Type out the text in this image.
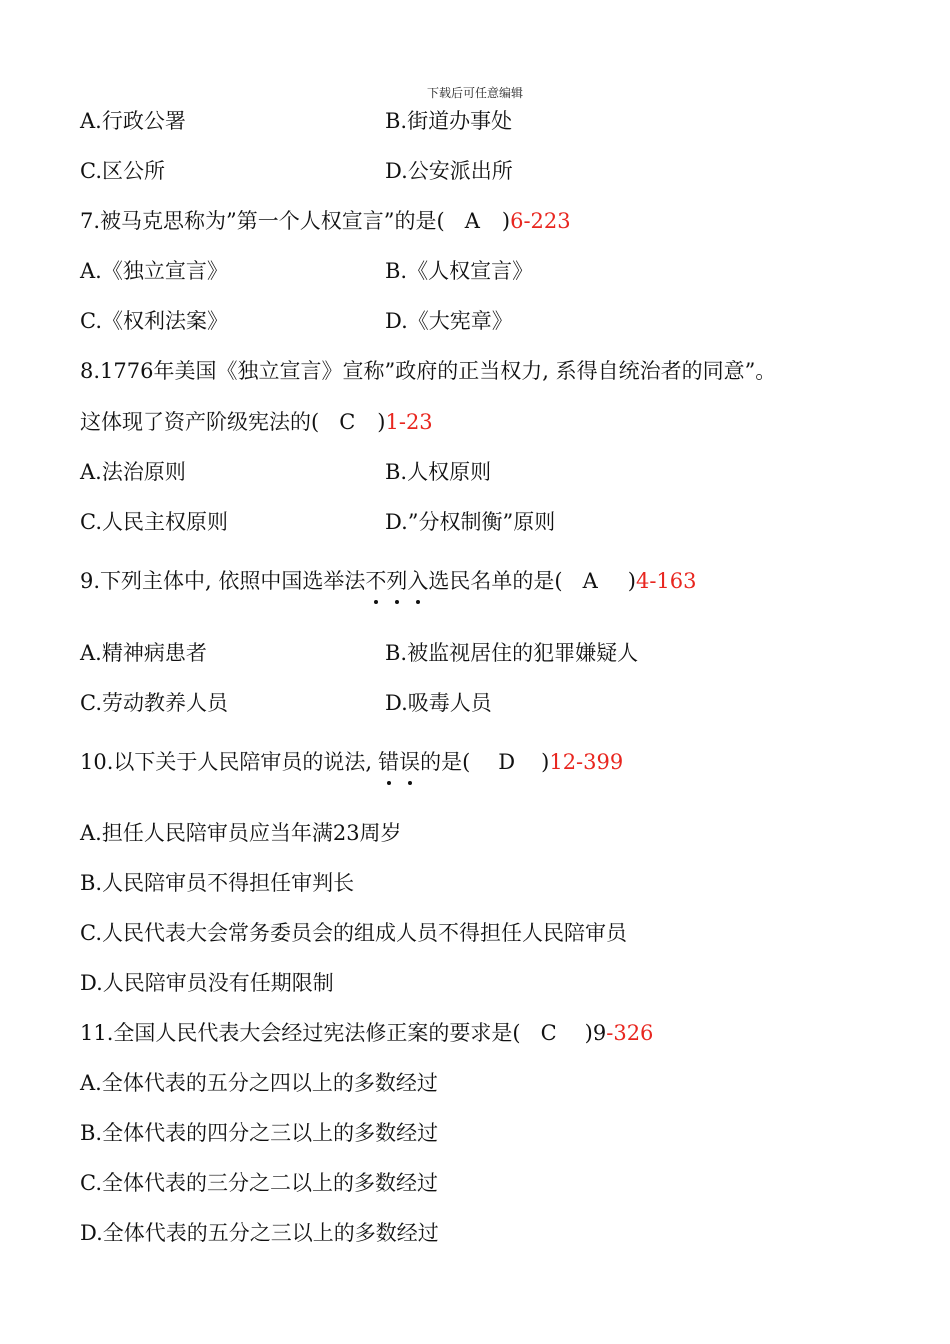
下载后可任意编辑
A.行政公署	B.街道办事处
C.区公所	D.公安派出所
7.被马克思称为”第一个人权宣言”的是( A )6-223
A.《独立宣言》	B.《人权宣言》
C.《权利法案》	D.《大宪章》
8.1776年美国《独立宣言》宣称”政府的正当权力, 系得自统治者的同意”。
这体现了资产阶级宪法的( C )1-23
A.法治原则	B.人权原则
C.人民主权原则	D.”分权制衡”原则
9.下列主体中, 依照中国选举法不列入选民名单的是( A )4-163
A.精神病患者	B.被监视居住的犯罪嫌疑人
C.劳动教养人员	D.吸毒人员
10.以下关于人民陪审员的说法, 错误的是( D )12-399
A.担任人民陪审员应当年满23周岁
B.人民陪审员不得担任审判长
C.人民代表大会常务委员会的组成人员不得担任人民陪审员
D.人民陪审员没有任期限制
11.全国人民代表大会经过宪法修正案的要求是( C )9-326
A.全体代表的五分之四以上的多数经过
B.全体代表的四分之三以上的多数经过
C.全体代表的三分之二以上的多数经过
D.全体代表的五分之三以上的多数经过
